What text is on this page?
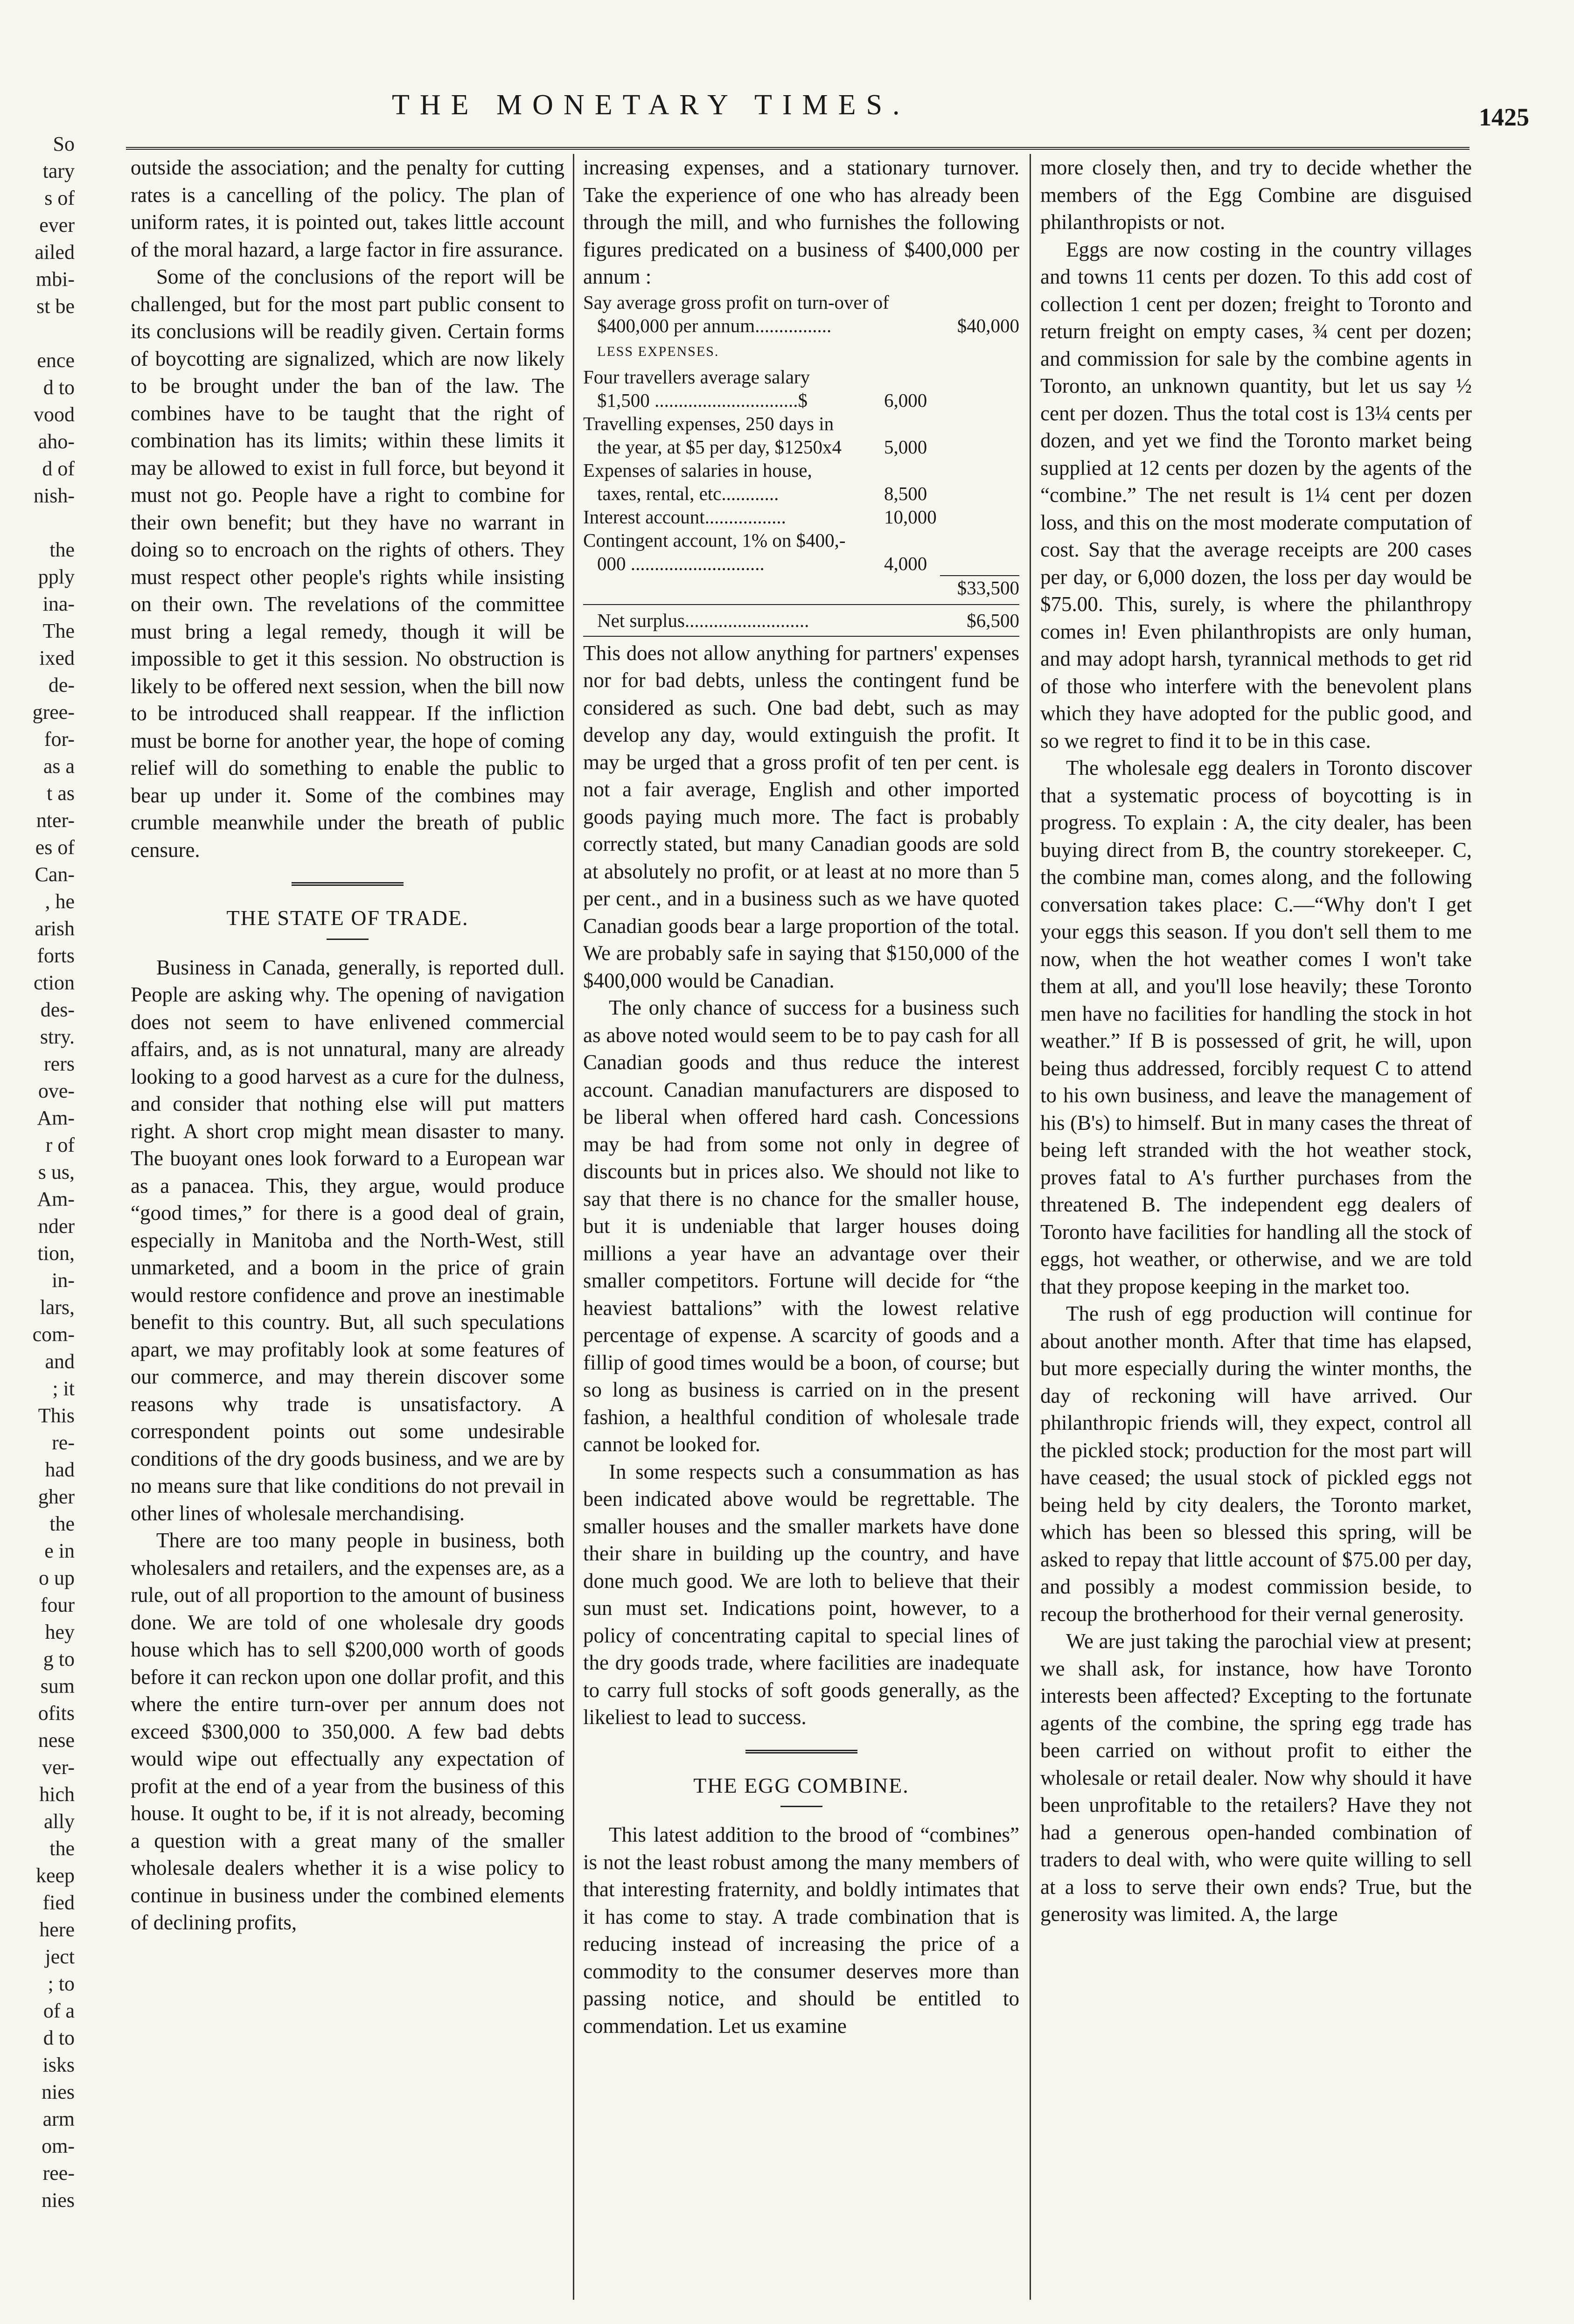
THE MONETARY TIMES.	1425
So
tary
s of
ever
ailed
mbi-
st be
ence
d to
vood
aho-
d of
nish-
the
pply
ina-
The
ixed
de-
gree-
for-
as a
t as
nter-
es of
Can-
, he
arish
forts
ction
des-
stry.
rers
ove-
Am-
r of
s us,
Am-
nder
tion,
in-
lars,
com-
and
; it
This
re-
had
gher
the
e in
o up
four
hey
g to
sum
ofits
nese
ver-
hich
ally
the
keep
fied
here
ject
; to
of a
d to
isks
nies
arm
om-
ree-
nies

outside the association; and the penalty for cutting rates is a cancelling of the policy. The plan of uniform rates, it is pointed out, takes little account of the moral hazard, a large factor in fire assurance.

Some of the conclusions of the report will be challenged, but for the most part public consent to its conclusions will be readily given. Certain forms of boycotting are signalized, which are now likely to be brought under the ban of the law. The combines have to be taught that the right of combination has its limits; within these limits it may be allowed to exist in full force, but beyond it must not go. People have a right to combine for their own benefit; but they have no warrant in doing so to encroach on the rights of others. They must respect other people's rights while insisting on their own. The revelations of the committee must bring a legal remedy, though it will be impossible to get it this session. No obstruction is likely to be offered next session, when the bill now to be introduced shall reappear. If the infliction must be borne for another year, the hope of coming relief will do something to enable the public to bear up under it. Some of the combines may crumble meanwhile under the breath of public censure.

THE STATE OF TRADE.

Business in Canada, generally, is reported dull. People are asking why. The opening of navigation does not seem to have enlivened commercial affairs, and, as is not unnatural, many are already looking to a good harvest as a cure for the dulness, and consider that nothing else will put matters right. A short crop might mean disaster to many. The buoyant ones look forward to a European war as a panacea. This, they argue, would produce “good times,” for there is a good deal of grain, especially in Manitoba and the North-West, still unmarketed, and a boom in the price of grain would restore confidence and prove an inestimable benefit to this country. But, all such speculations apart, we may profitably look at some features of our commerce, and may therein discover some reasons why trade is unsatisfactory. A correspondent points out some undesirable conditions of the dry goods business, and we are by no means sure that like conditions do not prevail in other lines of wholesale merchandising.

There are too many people in business, both wholesalers and retailers, and the expenses are, as a rule, out of all proportion to the amount of business done. We are told of one wholesale dry goods house which has to sell $200,000 worth of goods before it can reckon upon one dollar profit, and this where the entire turn-over per annum does not exceed $300,000 to 350,000. A few bad debts would wipe out effectually any expectation of profit at the end of a year from the business of this house. It ought to be, if it is not already, becoming a question with a great many of the smaller wholesale dealers whether it is a wise policy to continue in business under the combined elements of declining profits,

increasing expenses, and a stationary turnover. Take the experience of one who has already been through the mill, and who furnishes the following figures predicated on a business of $400,000 per annum :

Say average gross profit on turn-over of
$400,000 per annum................	$40,000
LESS EXPENSES.
Four travellers average salary
$1,500 ..............................$	6,000
Travelling expenses, 250 days in
the year, at $5 per day, $1250x4 5,000
Expenses of salaries in house,
taxes, rental, etc............	8,500
Interest account.................	10,000
Contingent account, 1% on $400,-
000 ............................	4,000
$33,500
Net surplus..........................	$6,500

This does not allow anything for partners' expenses nor for bad debts, unless the contingent fund be considered as such. One bad debt, such as may develop any day, would extinguish the profit. It may be urged that a gross profit of ten per cent. is not a fair average, English and other imported goods paying much more. The fact is probably correctly stated, but many Canadian goods are sold at absolutely no profit, or at least at no more than 5 per cent., and in a business such as we have quoted Canadian goods bear a large proportion of the total. We are probably safe in saying that $150,000 of the $400,000 would be Canadian.

The only chance of success for a business such as above noted would seem to be to pay cash for all Canadian goods and thus reduce the interest account. Canadian manufacturers are disposed to be liberal when offered hard cash. Concessions may be had from some not only in degree of discounts but in prices also. We should not like to say that there is no chance for the smaller house, but it is undeniable that larger houses doing millions a year have an advantage over their smaller competitors. Fortune will decide for “the heaviest battalions” with the lowest relative percentage of expense. A scarcity of goods and a fillip of good times would be a boon, of course; but so long as business is carried on in the present fashion, a healthful condition of wholesale trade cannot be looked for.

In some respects such a consummation as has been indicated above would be regrettable. The smaller houses and the smaller markets have done their share in building up the country, and have done much good. We are loth to believe that their sun must set. Indications point, however, to a policy of concentrating capital to special lines of the dry goods trade, where facilities are inadequate to carry full stocks of soft goods generally, as the likeliest to lead to success.

THE EGG COMBINE.

This latest addition to the brood of “combines” is not the least robust among the many members of that interesting fraternity, and boldly intimates that it has come to stay. A trade combination that is reducing instead of increasing the price of a commodity to the consumer deserves more than passing notice, and should be entitled to commendation. Let us examine

more closely then, and try to decide whether the members of the Egg Combine are disguised philanthropists or not.

Eggs are now costing in the country villages and towns 11 cents per dozen. To this add cost of collection 1 cent per dozen; freight to Toronto and return freight on empty cases, ¾ cent per dozen; and commission for sale by the combine agents in Toronto, an unknown quantity, but let us say ½ cent per dozen. Thus the total cost is 13¼ cents per dozen, and yet we find the Toronto market being supplied at 12 cents per dozen by the agents of the “combine.” The net result is 1¼ cent per dozen loss, and this on the most moderate computation of cost. Say that the average receipts are 200 cases per day, or 6,000 dozen, the loss per day would be $75.00. This, surely, is where the philanthropy comes in! Even philanthropists are only human, and may adopt harsh, tyrannical methods to get rid of those who interfere with the benevolent plans which they have adopted for the public good, and so we regret to find it to be in this case.

The wholesale egg dealers in Toronto discover that a systematic process of boycotting is in progress. To explain : A, the city dealer, has been buying direct from B, the country storekeeper. C, the combine man, comes along, and the following conversation takes place: C.—“Why don't I get your eggs this season. If you don't sell them to me now, when the hot weather comes I won't take them at all, and you'll lose heavily; these Toronto men have no facilities for handling the stock in hot weather.” If B is possessed of grit, he will, upon being thus addressed, forcibly request C to attend to his own business, and leave the management of his (B's) to himself. But in many cases the threat of being left stranded with the hot weather stock, proves fatal to A's further purchases from the threatened B. The independent egg dealers of Toronto have facilities for handling all the stock of eggs, hot weather, or otherwise, and we are told that they propose keeping in the market too.

The rush of egg production will continue for about another month. After that time has elapsed, but more especially during the winter months, the day of reckoning will have arrived. Our philanthropic friends will, they expect, control all the pickled stock; production for the most part will have ceased; the usual stock of pickled eggs not being held by city dealers, the Toronto market, which has been so blessed this spring, will be asked to repay that little account of $75.00 per day, and possibly a modest commission beside, to recoup the brotherhood for their vernal generosity.

We are just taking the parochial view at present; we shall ask, for instance, how have Toronto interests been affected? Excepting to the fortunate agents of the combine, the spring egg trade has been carried on without profit to either the wholesale or retail dealer. Now why should it have been unprofitable to the retailers? Have they not had a generous open-handed combination of traders to deal with, who were quite willing to sell at a loss to serve their own ends? True, but the generosity was limited. A, the large
